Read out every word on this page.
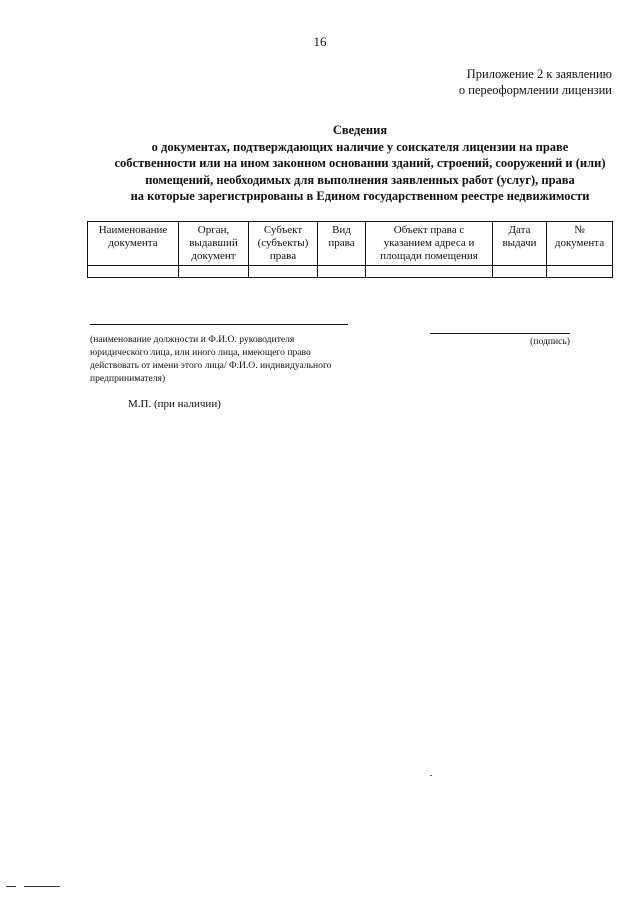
16
Приложение 2 к заявлению
о переоформлении лицензии
Сведения
о документах, подтверждающих наличие у соискателя лицензии на праве
собственности или на ином законном основании зданий, строений, сооружений и (или)
помещений, необходимых для выполнения заявленных работ (услуг), права
на которые зарегистрированы в Едином государственном реестре недвижимости
Наименование документа	Орган, выдавший документ	Субъект (субъекты) права	Вид права	Объект права с указанием адреса и площади помещения	Дата выдачи	№ документа

(наименование должности и Ф.И.О. руководителя юридического лица, или иного лица, имеющего право действовать от имени этого лица/ Ф.И.О. индивидуального предпринимателя)
(подпись)
М.П. (при наличии)
